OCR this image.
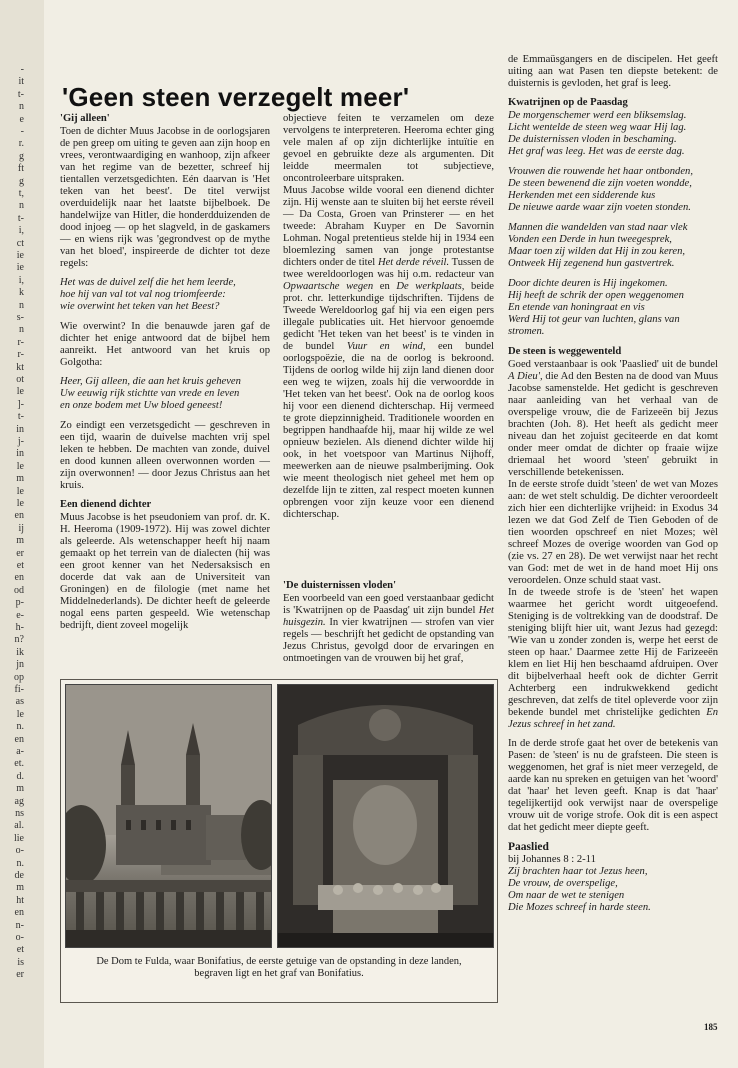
-
it
t-
n
e
-
r.
g
ft
g
t,
n
t-
i,
ct
ie
ie
i,
k
n
s-
n
r-
r-
kt
ot
le
]-
t-
in
j-
in
le
m
le
le
en
ij
m
er
et
en
od
p-
e-
h-
n?
ik
jn
op
fi-
as
le
n.
en
a-
et.
d.
m
ag
ns
al.
lie
o-
n.
de
m
ht
en
n-
o-
et
is
er
'Geen steen verzegelt meer'
'Gij alleen'

Toen de dichter Muus Jacobse in de oorlogsjaren de pen greep om uiting te geven aan zijn hoop en vrees, verontwaardiging en wanhoop, zijn afkeer van het regime van de bezetter, schreef hij tientallen verzetsgedichten. Eén daarvan is 'Het teken van het beest'. De titel verwijst overduidelijk naar het laatste bijbelboek. De handelwijze van Hitler, die honderdduizenden de dood injoeg — op het slagveld, in de gaskamers — en wiens rijk was 'gegrondvest op de mythe van het bloed', inspireerde de dichter tot deze regels:

Het was de duivel zelf die het hem leerde,
hoe hij van val tot val nog triomfeerde:
wie overwint het teken van het Beest?

Wie overwint? In die benauwde jaren gaf de dichter het enige antwoord dat de bijbel hem aanreikt. Het antwoord van het kruis op Golgotha:

Heer, Gij alleen, die aan het kruis geheven
Uw eeuwig rijk stichtte van vrede en leven
en onze bodem met Uw bloed geneest!

Zo eindigt een verzetsgedicht — geschreven in een tijd, waarin de duivelse machten vrij spel leken te hebben. De machten van zonde, duivel en dood kunnen alleen overwonnen worden — zijn overwonnen! — door Jezus Christus aan het kruis.

Een dienend dichter

Muus Jacobse is het pseudoniem van prof. dr. K. H. Heeroma (1909-1972). Hij was zowel dichter als geleerde. Als wetenschapper heeft hij naam gemaakt op het terrein van de dialecten (hij was een groot kenner van het Nedersaksisch en docerde dat vak aan de Universiteit van Groningen) en de filologie (met name het Middelnederlands). De dichter heeft de geleerde nogal eens parten gespeeld. Wie wetenschap bedrijft, dient zoveel mogelijk

objectieve feiten te verzamelen om deze vervolgens te interpreteren. Heeroma echter ging vele malen af op zijn dichterlijke intuïtie en gevoel en gebruikte deze als argumenten. Dit leidde meermalen tot subjectieve, oncontroleerbare uitspraken.

Muus Jacobse wilde vooral een dienend dichter zijn. Hij wenste aan te sluiten bij het eerste réveil — Da Costa, Groen van Prinsterer — en het tweede: Abraham Kuyper en De Savornin Lohman. Nogal pretentieus stelde hij in 1934 een bloemlezing samen van jonge protestantse dichters onder de titel Het derde réveil. Tussen de twee wereldoorlogen was hij o.m. redacteur van Opwaartsche wegen en De werkplaats, beide prot. chr. letterkundige tijdschriften. Tijdens de Tweede Wereldoorlog gaf hij via een eigen pers illegale publicaties uit. Het hiervoor genoemde gedicht 'Het teken van het beest' is te vinden in de bundel Vuur en wind, een bundel oorlogspoëzie, die na de oorlog is bekroond. Tijdens de oorlog wilde hij zijn land dienen door een weg te wijzen, zoals hij die verwoordde in 'Het teken van het beest'. Ook na de oorlog koos hij voor een dienend dichterschap. Hij vermeed te grote diepzinnigheid. Traditionele woorden en begrippen handhaafde hij, maar hij wilde ze wel opnieuw bezielen. Als dienend dichter wilde hij ook, in het voetspoor van Martinus Nijhoff, meewerken aan de nieuwe psalmberijming. Ook wie meent theologisch niet geheel met hem op dezelfde lijn te zitten, zal respect moeten kunnen opbrengen voor zijn keuze voor een dienend dichterschap.

'De duisternissen vloden'

Een voorbeeld van een goed verstaanbaar gedicht is 'Kwatrijnen op de Paasdag' uit zijn bundel Het huisgezin. In vier kwatrijnen — strofen van vier regels — beschrijft het gedicht de opstanding van Jezus Christus, gevolgd door de ervaringen en ontmoetingen van de vrouwen bij het graf,

de Emmaüsgangers en de discipelen. Het geeft uiting aan wat Pasen ten diepste betekent: de duisternis is gevloden, het graf is leeg.

Kwatrijnen op de Paasdag
De morgenschemer werd een bliksemslag.
Licht wentelde de steen weg waar Hij lag.
De duisternissen vloden in beschaming.
Het graf was leeg. Het was de eerste dag.
Vrouwen die rouwende het haar ontbonden,
De steen bewenend die zijn voeten wondde,
Herkenden met een sidderende kus
De nieuwe aarde waar zijn voeten stonden.
Mannen die wandelden van stad naar vlek
Vonden een Derde in hun tweegesprek,
Maar toen zij wilden dat Hij in zou keren,
Ontweek Hij zegenend hun gastvertrek.
Door dichte deuren is Hij ingekomen.
Hij heeft de schrik der open weggenomen
En etende van honingraat en vis
Werd Hij tot geur van luchten, glans van stromen.
De steen is weggewenteld

Goed verstaanbaar is ook 'Paaslied' uit de bundel A Dieu', die Ad den Besten na de dood van Muus Jacobse samenstelde. Het gedicht is geschreven naar aanleiding van het verhaal van de overspelige vrouw, die de Farizeeën bij Jezus brachten (Joh. 8). Het heeft als gedicht meer niveau dan het zojuist geciteerde en dat komt onder meer omdat de dichter op fraaie wijze driemaal het woord 'steen' gebruikt in verschillende betekenissen.

In de eerste strofe duidt 'steen' de wet van Mozes aan: de wet stelt schuldig. De dichter veroordeelt zich hier een dichterlijke vrijheid: in Exodus 34 lezen we dat God Zelf de Tien Geboden of de tien woorden opschreef en niet Mozes; wèl schreef Mozes de overige woorden van God op (zie vs. 27 en 28). De wet verwijst naar het recht van God: met de wet in de hand moet Hij ons veroordelen. Onze schuld staat vast.

In de tweede strofe is de 'steen' het wapen waarmee het gericht wordt uitgeoefend. Steniging is de voltrekking van de doodstraf. De steniging blijft hier uit, want Jezus had gezegd: 'Wie van u zonder zonden is, werpe het eerst de steen op haar.' Daarmee zette Hij de Farizeeën klem en liet Hij hen beschaamd afdruipen. Over dit bijbelverhaal heeft ook de dichter Gerrit Achterberg een indrukwekkend gedicht geschreven, dat zelfs de titel opleverde voor zijn bekende bundel met christelijke gedichten En Jezus schreef in het zand.

In de derde strofe gaat het over de betekenis van Pasen: de 'steen' is nu de grafsteen. Die steen is weggenomen, het graf is niet meer verzegeld, de aarde kan nu spreken en getuigen van het 'woord' dat 'haar' het leven geeft. Knap is dat 'haar' tegelijkertijd ook verwijst naar de overspelige vrouw uit de vorige strofe. Ook dit is een aspect dat het gedicht meer diepte geeft.

Paaslied
bij Johannes 8 : 2-11
Zij brachten haar tot Jezus heen,
De vrouw, de overspelige,
Om naar de wet te stenigen
Die Mozes schreef in harde steen.
De Dom te Fulda, waar Bonifatius, de eerste getuige van de opstanding in deze landen,
begraven ligt en het graf van Bonifatius.
185
